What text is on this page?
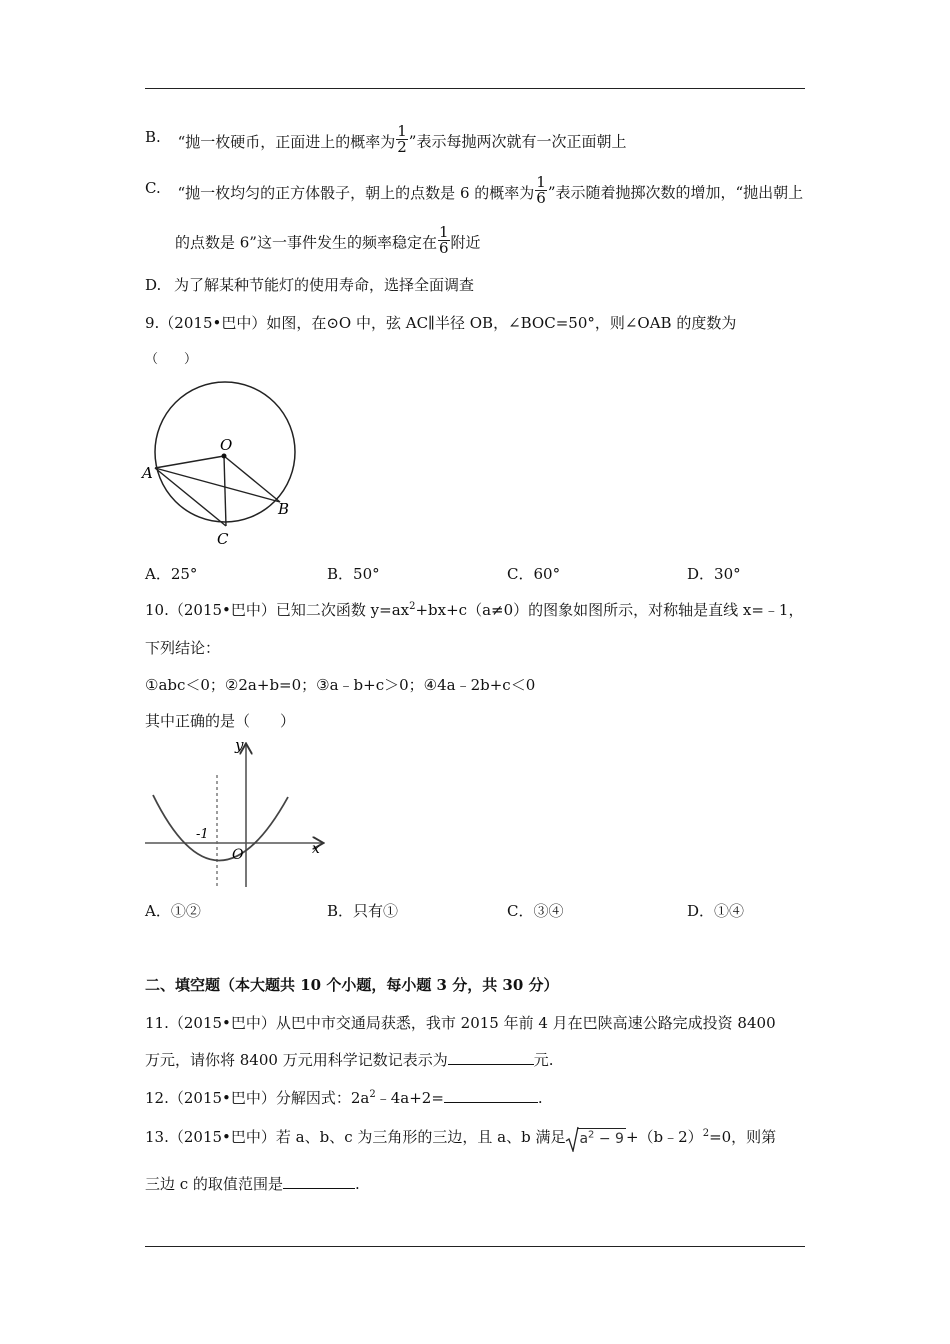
B. “抛一枚硬币，正面进上的概率为 $\frac{1}{2}$ ”表示每抛两次就有一次正面朝上
C. “抛一枚均匀的正方体骰子，朝上的点数是 6 的概率为 $\frac{1}{6}$ ”表示随着抛掷次数的增加，“抛出朝上
的点数是 6”这一事件发生的频率稳定在 $\frac{1}{6}$ 附近
D. 为了解某种节能灯的使用寿命，选择全面调查
9.（2015•巴中）如图，在⊙O 中，弦 AC∥半径 OB，∠BOC=50°，则∠OAB 的度数为
（　　）
O
A
B
C
A．25°	B．50°	C．60°	D．30°
10.（2015•巴中）已知二次函数 $y=ax^2+bx+c(a\ne 0)$的图象如图所示，对称轴是直线 x=﹣1，
下列结论：
①abc＜0；②2a+b=0；③a﹣b+c＞0；④4a﹣2b+c＜0
其中正确的是（　　）
y
x
O
-1
A．①②	B．只有①	C．③④	D．①④
二、填空题（本大题共 10 个小题，每小题 3 分，共 30 分）
11.（2015•巴中）从巴中市交通局获悉，我市 2015 年前 4 月在巴陕高速公路完成投资 8400
万元，请你将 8400 万元用科学记数记表示为	元.
12.（2015•巴中）分解因式：$2a^2﹣4a+2=$	.
13.（2015•巴中）若 a、b、c 为三角形的三边，且 a、b 满足 $a^2 - 9$ +（b﹣2）$^2$=0，则第
三边 c 的取值范围是	.
